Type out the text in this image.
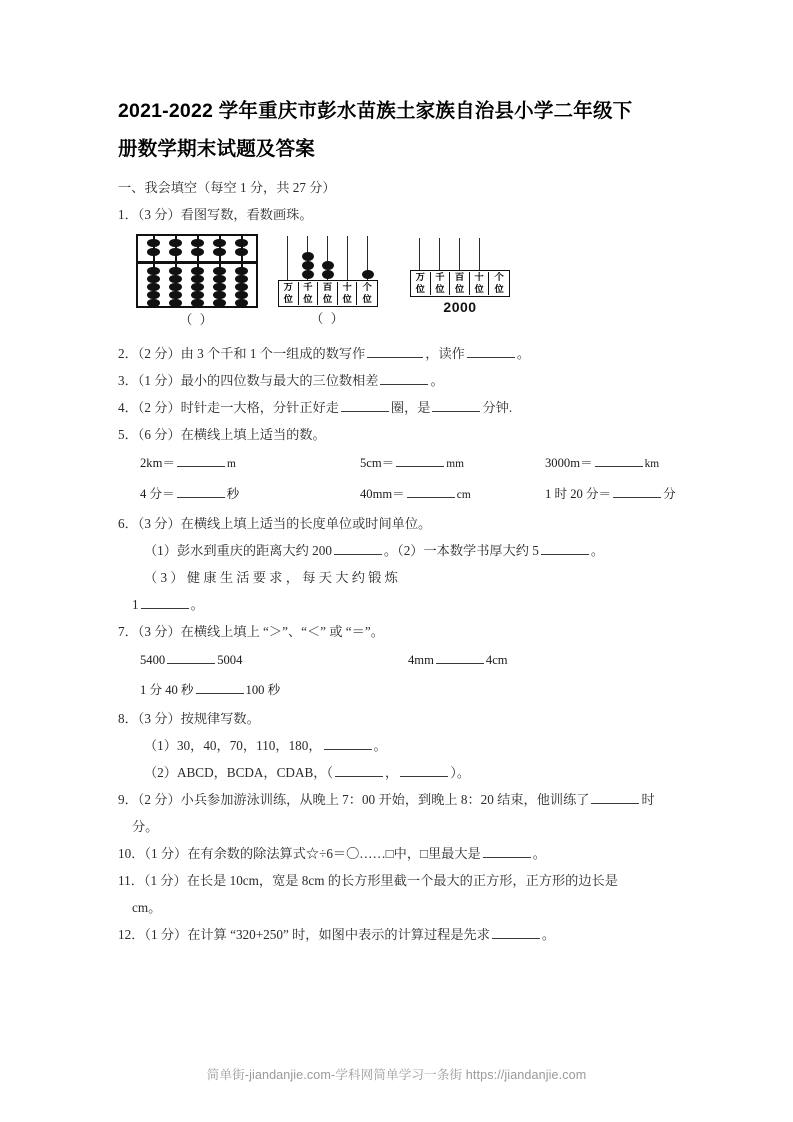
2021-2022 学年重庆市彭水苗族土家族自治县小学二年级下
册数学期末试题及答案

一、我会填空（每空 1 分，共 27 分）

1．（3 分）看图写数，看数画珠。

（ ）
万
位
千
位
百
位
十
位
个
位
（ ）
万
位
千
位
百
位
十
位
个
位
2000

2．（2 分）由 3 个千和 1 个一组成的数写作	，读作	。

3．（1 分）最小的四位数与最大的三位数相差	。

4．（2 分）时针走一大格，分针正好走	圈，是	分钟.

5．（6 分）在横线上填上适当的数。

2km＝	m	5cm＝	mm	3000m＝	km
4 分＝	秒	40mm＝	cm	1 时 20 分＝	分

6．（3 分）在横线上填上适当的长度单位或时间单位。

（1）彭水到重庆的距离大约 200	。（2）一本数学书厚大约 5	。

（ 3 ） 健 康 生 活 要 求 ， 每 天 大 约 锻 炼

1	。

7．（3 分）在横线上填上 “＞”、“＜” 或 “＝”。

5400	5004	4mm	4cm
1 分 40 秒	100 秒

8．（3 分）按规律写数。

（1）30，40，70，110，180，	。

（2）ABCD，BCDA，CDAB，（	，	）。

9．（2 分）小兵参加游泳训练，从晚上 7：00 开始，到晚上 8：20 结束，他训练了	时

分。

10．（1 分）在有余数的除法算式☆÷6＝〇……□中，□里最大是	。

11．（1 分）在长是 10cm，宽是 8cm 的长方形里截一个最大的正方形，正方形的边长是

cm。

12．（1 分）在计算 “320+250” 时，如图中表示的计算过程是先求	。

简单街-jiandanjie.com-学科网简单学习一条街 https://jiandanjie.com
